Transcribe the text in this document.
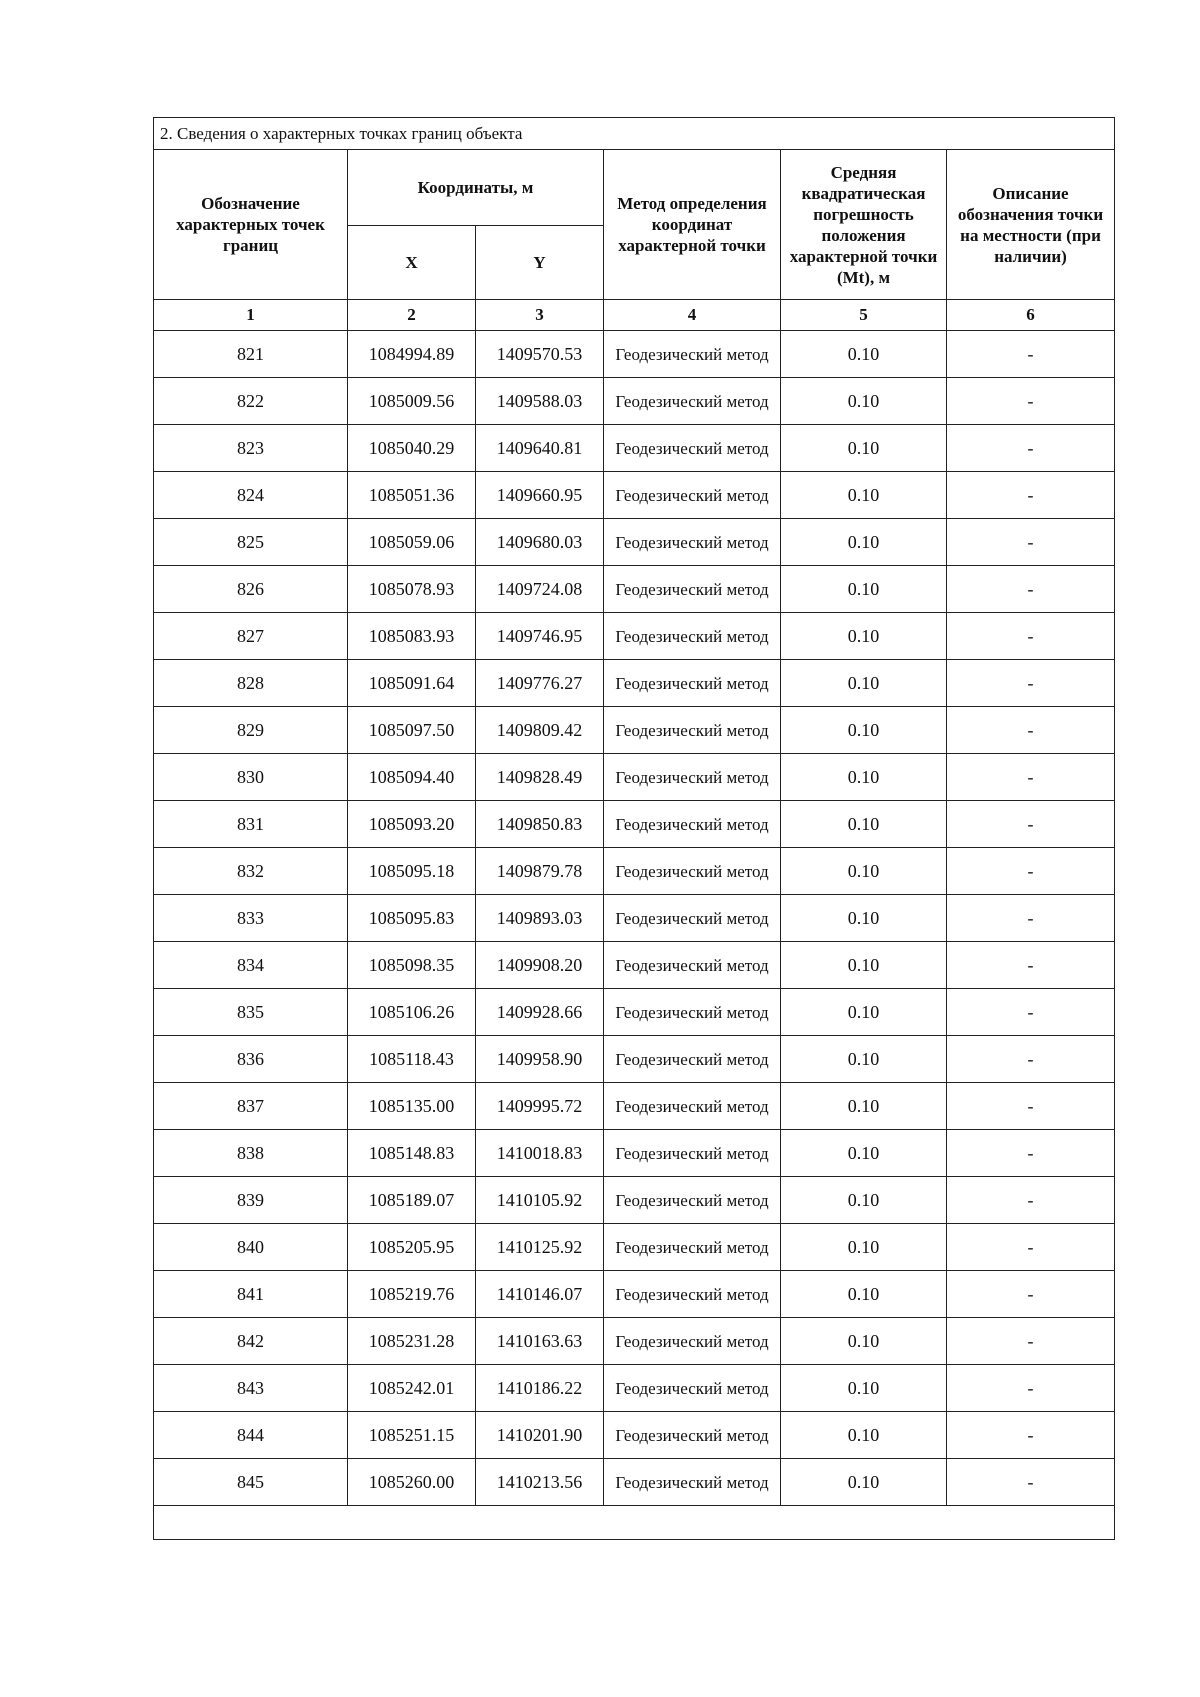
2. Сведения о характерных точках границ объекта					
Обозначение характерных точек границ	Координаты, м		Метод определения координат характерной точки	Средняя квадратическая погрешность положения характерной точки (Mt), м	Описание обозначения точки на местности (при наличии)
	X	Y			
1	2	3	4	5	6
821	1084994.89	1409570.53	Геодезический метод	0.10	-
822	1085009.56	1409588.03	Геодезический метод	0.10	-
823	1085040.29	1409640.81	Геодезический метод	0.10	-
824	1085051.36	1409660.95	Геодезический метод	0.10	-
825	1085059.06	1409680.03	Геодезический метод	0.10	-
826	1085078.93	1409724.08	Геодезический метод	0.10	-
827	1085083.93	1409746.95	Геодезический метод	0.10	-
828	1085091.64	1409776.27	Геодезический метод	0.10	-
829	1085097.50	1409809.42	Геодезический метод	0.10	-
830	1085094.40	1409828.49	Геодезический метод	0.10	-
831	1085093.20	1409850.83	Геодезический метод	0.10	-
832	1085095.18	1409879.78	Геодезический метод	0.10	-
833	1085095.83	1409893.03	Геодезический метод	0.10	-
834	1085098.35	1409908.20	Геодезический метод	0.10	-
835	1085106.26	1409928.66	Геодезический метод	0.10	-
836	1085118.43	1409958.90	Геодезический метод	0.10	-
837	1085135.00	1409995.72	Геодезический метод	0.10	-
838	1085148.83	1410018.83	Геодезический метод	0.10	-
839	1085189.07	1410105.92	Геодезический метод	0.10	-
840	1085205.95	1410125.92	Геодезический метод	0.10	-
841	1085219.76	1410146.07	Геодезический метод	0.10	-
842	1085231.28	1410163.63	Геодезический метод	0.10	-
843	1085242.01	1410186.22	Геодезический метод	0.10	-
844	1085251.15	1410201.90	Геодезический метод	0.10	-
845	1085260.00	1410213.56	Геодезический метод	0.10	-
